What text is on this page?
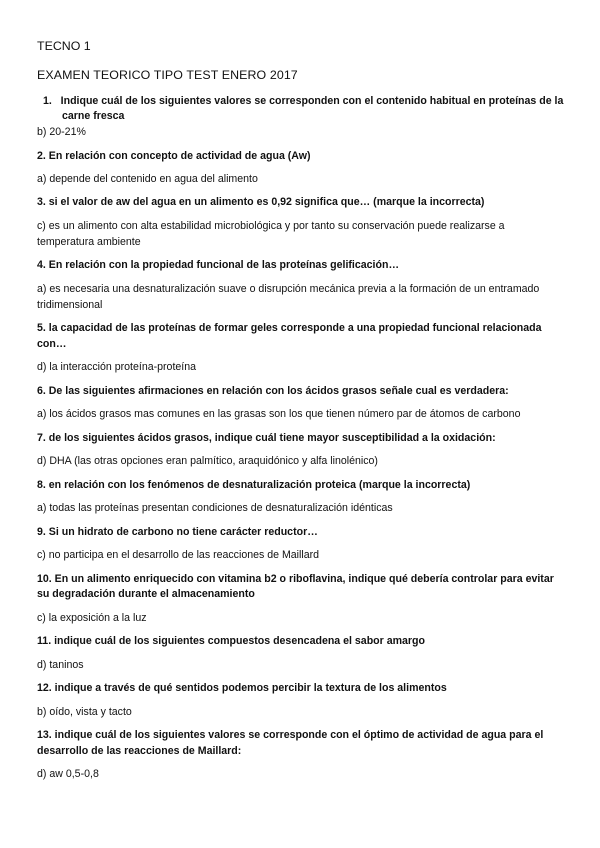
TECNO 1
EXAMEN TEORICO TIPO TEST ENERO 2017
1.   Indique cuál de los siguientes valores se corresponden con el contenido habitual en proteínas de la
carne fresca
b) 20-21%
2. En relación con concepto de actividad de agua (Aw)
a) depende del contenido en agua del alimento
3. si el valor de aw del agua en un alimento es 0,92 significa que… (marque la incorrecta)
c) es un alimento con alta estabilidad microbiológica y por tanto su conservación puede realizarse a
temperatura ambiente
4. En relación con la propiedad funcional de las proteínas gelificación…
a) es necesaria una desnaturalización suave o disrupción mecánica previa a la formación de un entramado
tridimensional
5. la capacidad de las proteínas de formar geles corresponde a una propiedad funcional relacionada
con…
d) la interacción proteína-proteína
6. De las siguientes afirmaciones en relación con los ácidos grasos señale cual es verdadera:
a) los ácidos grasos mas comunes en las grasas son los que tienen número par de átomos de carbono
7. de los siguientes ácidos grasos, indique cuál tiene mayor susceptibilidad a la oxidación:
d) DHA (las otras opciones eran palmítico, araquidónico y alfa linolénico)
8. en relación con los fenómenos de desnaturalización proteica (marque la incorrecta)
a) todas las proteínas presentan condiciones de desnaturalización idénticas
9. Si un hidrato de carbono no tiene carácter reductor…
c) no participa en el desarrollo de las reacciones de Maillard
10. En un alimento enriquecido con vitamina b2 o riboflavina, indique qué debería controlar para evitar
su degradación durante el almacenamiento
c) la exposición a la luz
11. indique cuál de los siguientes compuestos desencadena el sabor amargo
d) taninos
12. indique a través de qué sentidos podemos percibir la textura de los alimentos
b) oído, vista y tacto
13. indique cuál de los siguientes valores se corresponde con el óptimo de actividad de agua para el
desarrollo de las reacciones de Maillard:
d) aw 0,5-0,8
